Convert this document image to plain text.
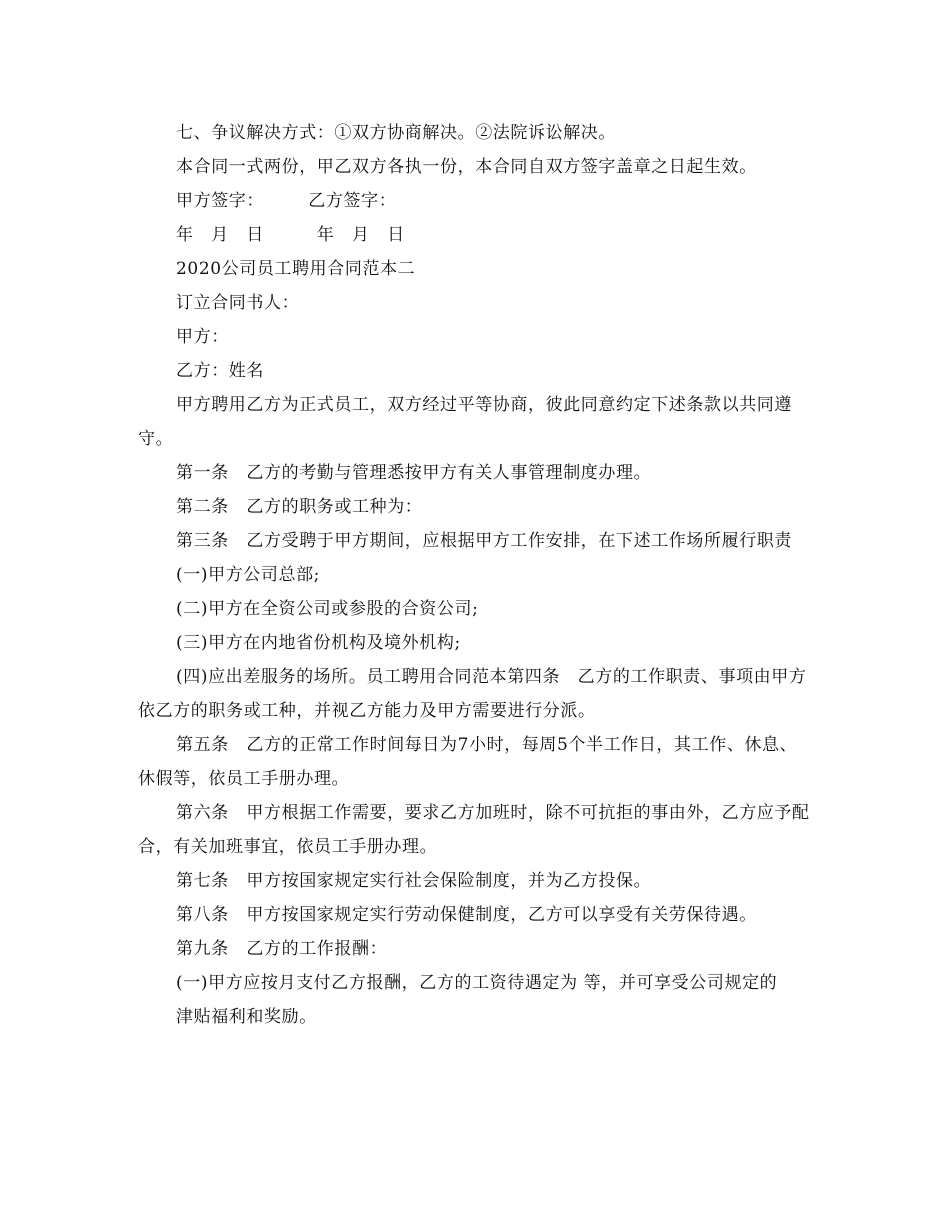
七、争议解决方式：①双方协商解决。②法院诉讼解决。

本合同一式两份，甲乙双方各执一份，本合同自双方签字盖章之日起生效。

甲方签字：　　　乙方签字：

年　月　日　　　年　月　日

2020公司员工聘用合同范本二

订立合同书人：

甲方：

乙方：姓名

甲方聘用乙方为正式员工，双方经过平等协商，彼此同意约定下述条款以共同遵守。

第一条　乙方的考勤与管理悉按甲方有关人事管理制度办理。

第二条　乙方的职务或工种为：

第三条　乙方受聘于甲方期间，应根据甲方工作安排，在下述工作场所履行职责

(一)甲方公司总部;

(二)甲方在全资公司或参股的合资公司;

(三)甲方在内地省份机构及境外机构;

(四)应出差服务的场所。员工聘用合同范本第四条　乙方的工作职责、事项由甲方依乙方的职务或工种，并视乙方能力及甲方需要进行分派。

第五条　乙方的正常工作时间每日为7小时，每周5个半工作日，其工作、休息、休假等，依员工手册办理。

第六条　甲方根据工作需要，要求乙方加班时，除不可抗拒的事由外，乙方应予配合，有关加班事宜，依员工手册办理。

第七条　甲方按国家规定实行社会保险制度，并为乙方投保。

第八条　甲方按国家规定实行劳动保健制度，乙方可以享受有关劳保待遇。

第九条　乙方的工作报酬：

(一)甲方应按月支付乙方报酬，乙方的工资待遇定为 等，并可享受公司规定的

津贴福利和奖励。
